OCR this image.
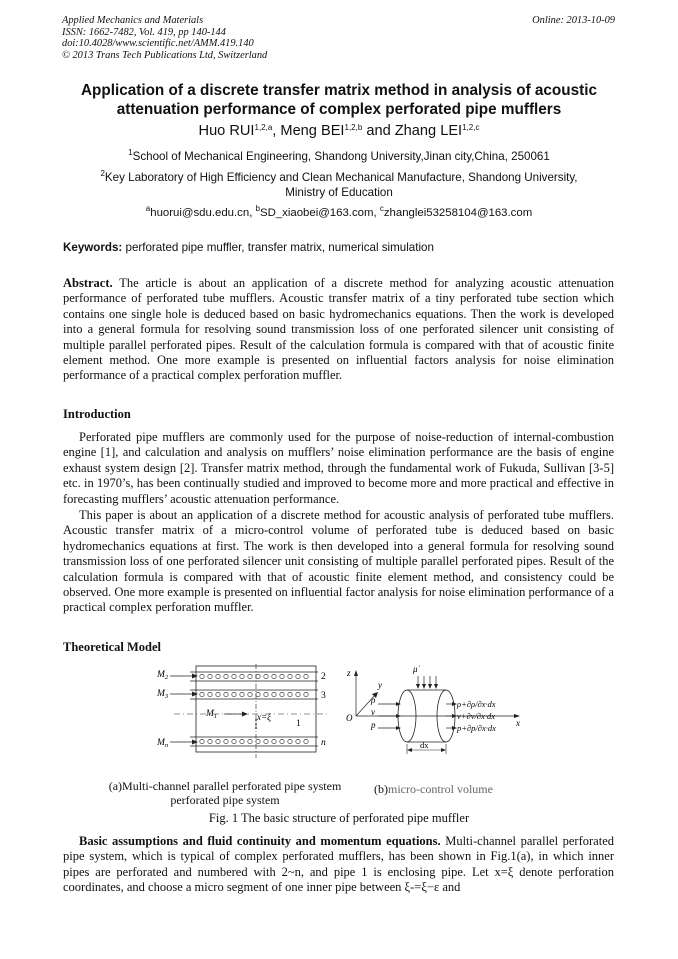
Applied Mechanics and Materials
ISSN: 1662-7482, Vol. 419, pp 140-144
doi:10.4028/www.scientific.net/AMM.419.140
© 2013 Trans Tech Publications Ltd, Switzerland
Online: 2013-10-09
Application of a discrete transfer matrix method in analysis of acoustic
attenuation performance of complex perforated pipe mufflers
Huo RUI$^{1,2,a}$, Meng BEI$^{1,2,b}$ and Zhang LEI$^{1,2,c}$
$^1$School of Mechanical Engineering, Shandong University,Jinan city,China, 250061
$^2$Key Laboratory of High Efficiency and Clean Mechanical Manufacture, Shandong University,
Ministry of Education
$^a$huorui@sdu.edu.cn, $^b$SD_xiaobei@163.com, $^c$zhanglei53258104@163.com
Keywords: perforated pipe muffler, transfer matrix, numerical simulation

Abstract. The article is about an application of a discrete method for analyzing acoustic attenuation performance of perforated tube mufflers. Acoustic transfer matrix of a tiny perforated tube section which contains one single hole is deduced based on basic hydromechanics equations. Then the work is developed into a general formula for resolving sound transmission loss of one perforated silencer unit consisting of multiple parallel perforated pipes. Result of the calculation formula is compared with that of acoustic finite element method. One more example is presented on influential factors analysis for noise elimination performance of a practical complex perforation muffler.

Introduction

Perforated pipe mufflers are commonly used for the purpose of noise-reduction of internal-combustion engine [1], and calculation and analysis on mufflers’ noise elimination performance are the basis of engine exhaust system design [2]. Transfer matrix method, through the fundamental work of Fukuda, Sullivan [3-5] etc. in 1970’s, has been continually studied and improved to become more and more practical and effective in forecasting mufflers’ acoustic attenuation performance.

This paper is about an application of a discrete method for acoustic analysis of perforated tube mufflers. Acoustic transfer matrix of a micro-control volume of perforated tube is deduced based on basic hydromechanics equations at first. The work is then developed into a general formula for resolving sound transmission loss of one perforated silencer unit consisting of multiple parallel perforated pipes. Result of the calculation formula is compared with that of acoustic finite element method, and consistency could be observed. One more example is presented on influential factor analysis for noise elimination performance of a practical complex perforation muffler.

Theoretical Model
$M_2$
$M_3$
$M_1$
$M_n$
2
3
1
n
x=ξ
z
y
x
O
μ̇
ρ
v
p
ρ+∂ρ/∂x·dx
v+∂v/∂x·dx
p+∂p/∂x·dx
dx
(a)Multi-channel parallel perforated pipe system
perforated pipe system
(b)micro-control volume
Fig. 1 The basic structure of perforated pipe muffler

Basic assumptions and fluid continuity and momentum equations. Multi-channel parallel perforated pipe system, which is typical of complex perforated mufflers, has been shown in Fig.1(a), in which inner pipes are perforated and numbered with 2~n, and pipe 1 is enclosing pipe. Let x=ξ denote perforation coordinates, and choose a micro segment of one inner pipe between ξ-=ξ−ε and
